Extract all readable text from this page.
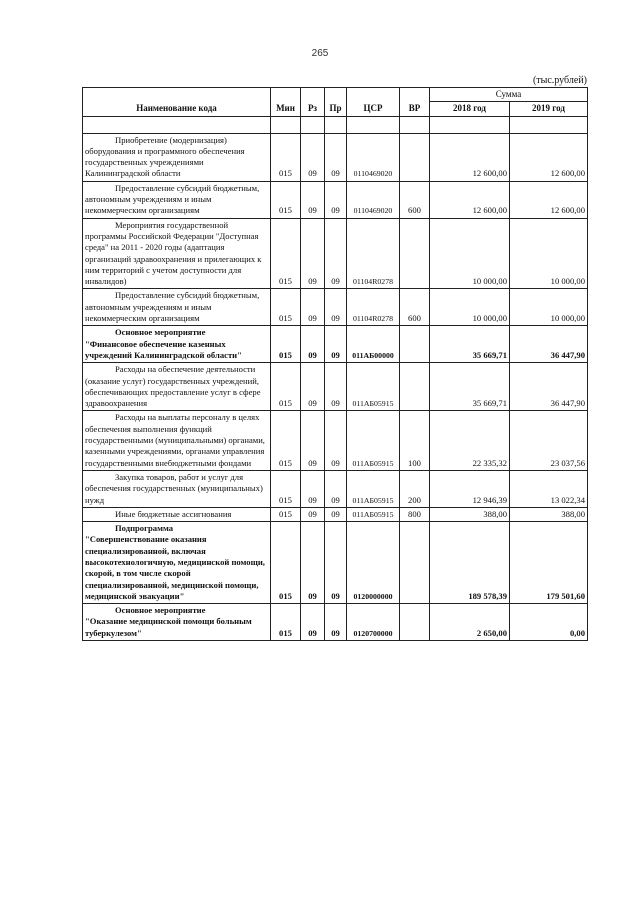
265
(тыс.рублей)
Наименование кода	Мин	Рз	Пр	ЦСР	ВР	Сумма	
						2018 год	2019 год

Приобретение (модернизация) оборудования и программного обеспечения государственных учреждениями Калининградской области	015	09	09	0110469020		12 600,00	12 600,00

Предоставление субсидий бюджетным, автономным учреждениям и иным некоммерческим организациям	015	09	09	0110469020	600	12 600,00	12 600,00

Мероприятия государственной программы Российской Федерации "Доступная среда" на 2011 - 2020 годы (адаптация организаций здравоохранения и прилегающих к ним территорий с учетом доступности для инвалидов)	015	09	09	01104R0278		10 000,00	10 000,00

Предоставление субсидий бюджетным, автономным учреждениям и иным некоммерческим организациям	015	09	09	01104R0278	600	10 000,00	10 000,00

Основное мероприятие
"Финансовое обеспечение казенных учреждений Калининградской области"	015	09	09	011АБ00000		35 669,71	36 447,90

Расходы на обеспечение деятельности (оказание услуг) государственных учреждений, обеспечивающих предоставление услуг в сфере здравоохранения	015	09	09	011АБ05915		35 669,71	36 447,90

Расходы на выплаты персоналу в целях обеспечения выполнения функций государственными (муниципальными) органами, казенными учреждениями, органами управления государственными внебюджетными фондами	015	09	09	011АБ05915	100	22 335,32	23 037,56

Закупка товаров, работ и услуг для обеспечения государственных (муниципальных) нужд	015	09	09	011АБ05915	200	12 946,39	13 022,34

Иные бюджетные ассигнования	015	09	09	011АБ05915	800	388,00	388,00

Подпрограмма
"Совершенствование оказания специализированной, включая высокотехнологичную, медицинской помощи, скорой, в том числе скорой специализированной, медицинской помощи, медицинской эвакуации"	015	09	09	0120000000		189 578,39	179 501,60

Основное мероприятие
"Оказание медицинской помощи больным туберкулезом"	015	09	09	0120700000		2 650,00	0,00
